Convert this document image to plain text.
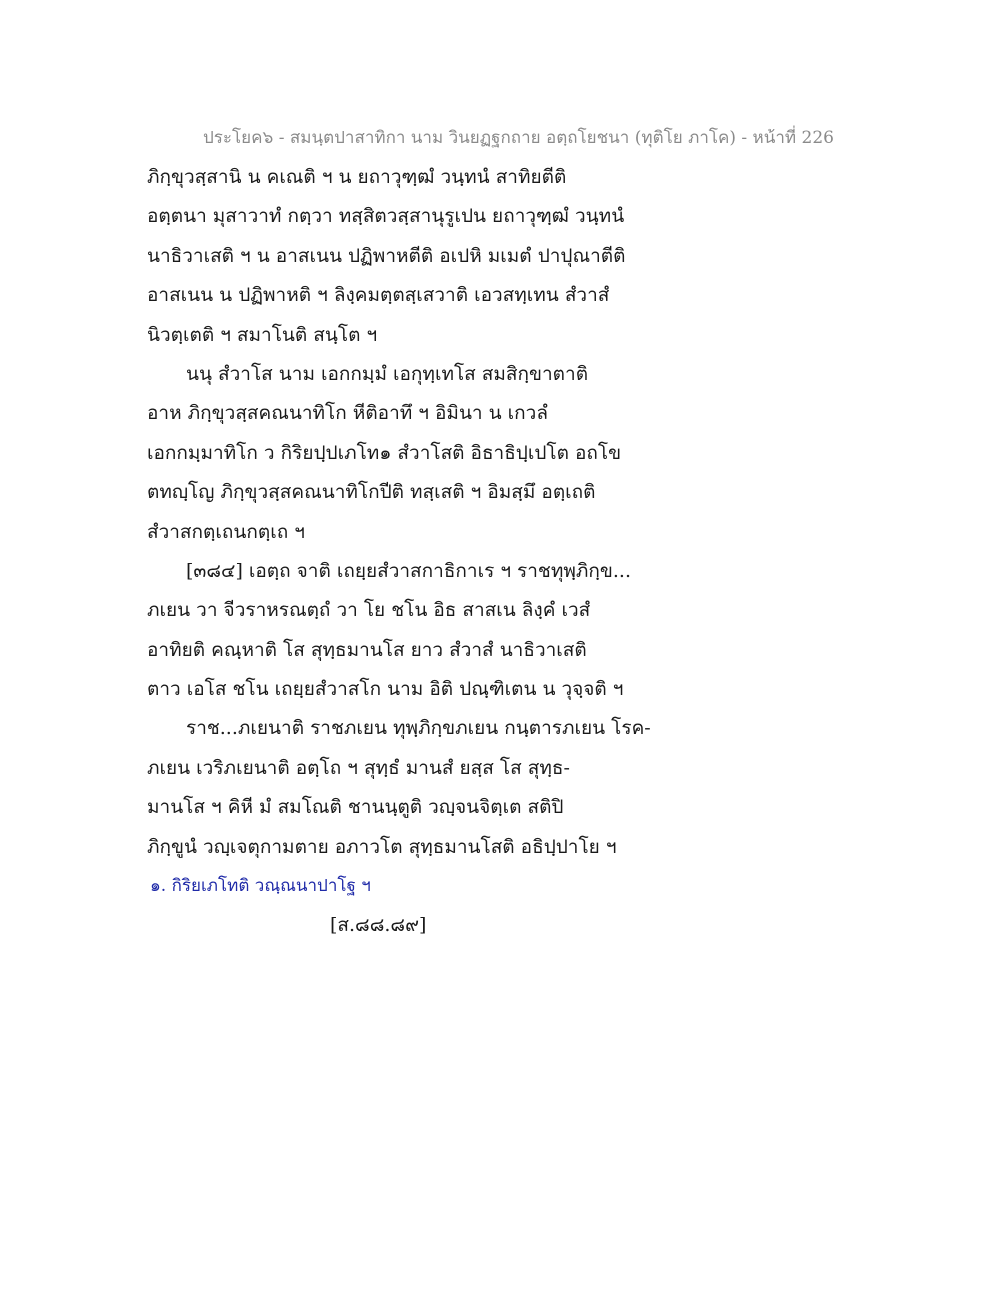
ประโยค๖ - สมนฺตปาสาทิกา นาม วินยฏฐกถาย อตฺถโยชนา (ทุติโย ภาโค) - หน้าที่ 226
ภิกฺขุวสฺสานิ น คเณติ ฯ น ยถาวุฑฺฒํ วนฺทนํ สาทิยตีติ
อตฺตนา มุสาวาทํ กตฺวา ทสฺสิตวสฺสานุรูเปน ยถาวุฑฺฒํ วนฺทนํ
นาธิวาเสติ ฯ น อาสเนน ปฏิพาหตีติ อเปหิ มเมตํ ปาปุณาตีติ
อาสเนน น ปฏิพาหติ ฯ ลิงฺคมตฺตสฺเสวาติ เอวสทฺเทน สํวาสํ
นิวตฺเตติ ฯ สมาโนติ สนฺโต ฯ
นนุ สํวาโส นาม เอกกมฺมํ เอกุทฺเทโส สมสิกฺขาตาติ
อาห ภิกฺขุวสฺสคณนาทิโก หีติอาทึ ฯ อิมินา น เกวลํ
เอกกมฺมาทิโก ว กิริยปฺปเภโท๑ สํวาโสติ อิธาธิปฺเปโต อถโข
ตทญฺโญ ภิกฺขุวสฺสคณนาทิโกปีติ ทสฺเสติ ฯ อิมสฺมึ อตฺเถติ
สํวาสกตฺเถนกตฺเถ ฯ
[๓๘๔] เอตฺถ จาติ เถยฺยสํวาสกาธิกาเร ฯ ราชทุพฺภิกฺข...
ภเยน วา จีวราหรณตฺถํ วา โย ชโน อิธ สาสเน ลิงฺคํ เวสํ
อาทิยติ คณฺหาติ โส สุทฺธมานโส ยาว สํวาสํ นาธิวาเสติ
ตาว เอโส ชโน เถยฺยสํวาสโก นาม อิติ ปณฺฑิเตน น วุจฺจติ ฯ
ราช...ภเยนาติ ราชภเยน ทุพฺภิกฺขภเยน กนฺตารภเยน โรค-
ภเยน เวริภเยนาติ อตฺโถ ฯ สุทฺธํ มานสํ ยสฺส โส สุทฺธ-
มานโส ฯ คิหี มํ สมโณติ ชานนฺตูติ วญฺจนจิตฺเต สติปิ
ภิกฺขูนํ วญฺเจตุกามตาย อภาวโต สุทฺธมานโสติ อธิปฺปาโย ฯ
๑. กิริยเภโทติ วณฺณนาปาโฐ ฯ
[ส.๘๘.๘๙]
